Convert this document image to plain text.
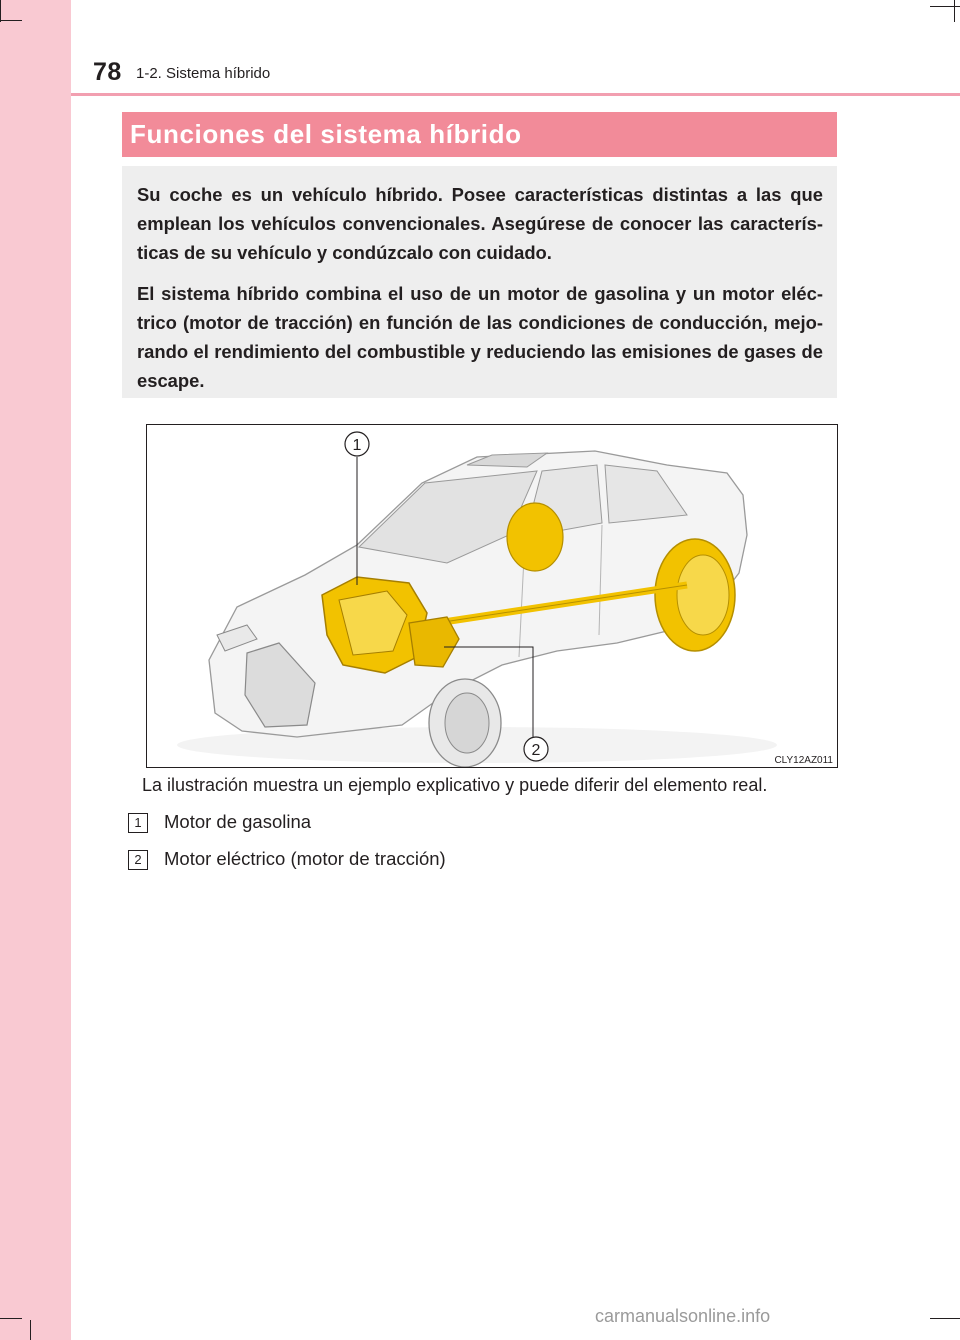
78 1-2. Sistema híbrido
Funciones del sistema híbrido

Su coche es un vehículo híbrido. Posee características distintas a las que emplean los vehículos convencionales. Asegúrese de conocer las caracterís- ticas de su vehículo y condúzcalo con cuidado.

El sistema híbrido combina el uso de un motor de gasolina y un motor eléc- trico (motor de tracción) en función de las condiciones de conducción, mejo- rando el rendimiento del combustible y reduciendo las emisiones de gases de escape.

1
2
CLY12AZ011
La ilustración muestra un ejemplo explicativo y puede diferir del elemento real.
1	Motor de gasolina
2	Motor eléctrico (motor de tracción)
carmanualsonline.info
